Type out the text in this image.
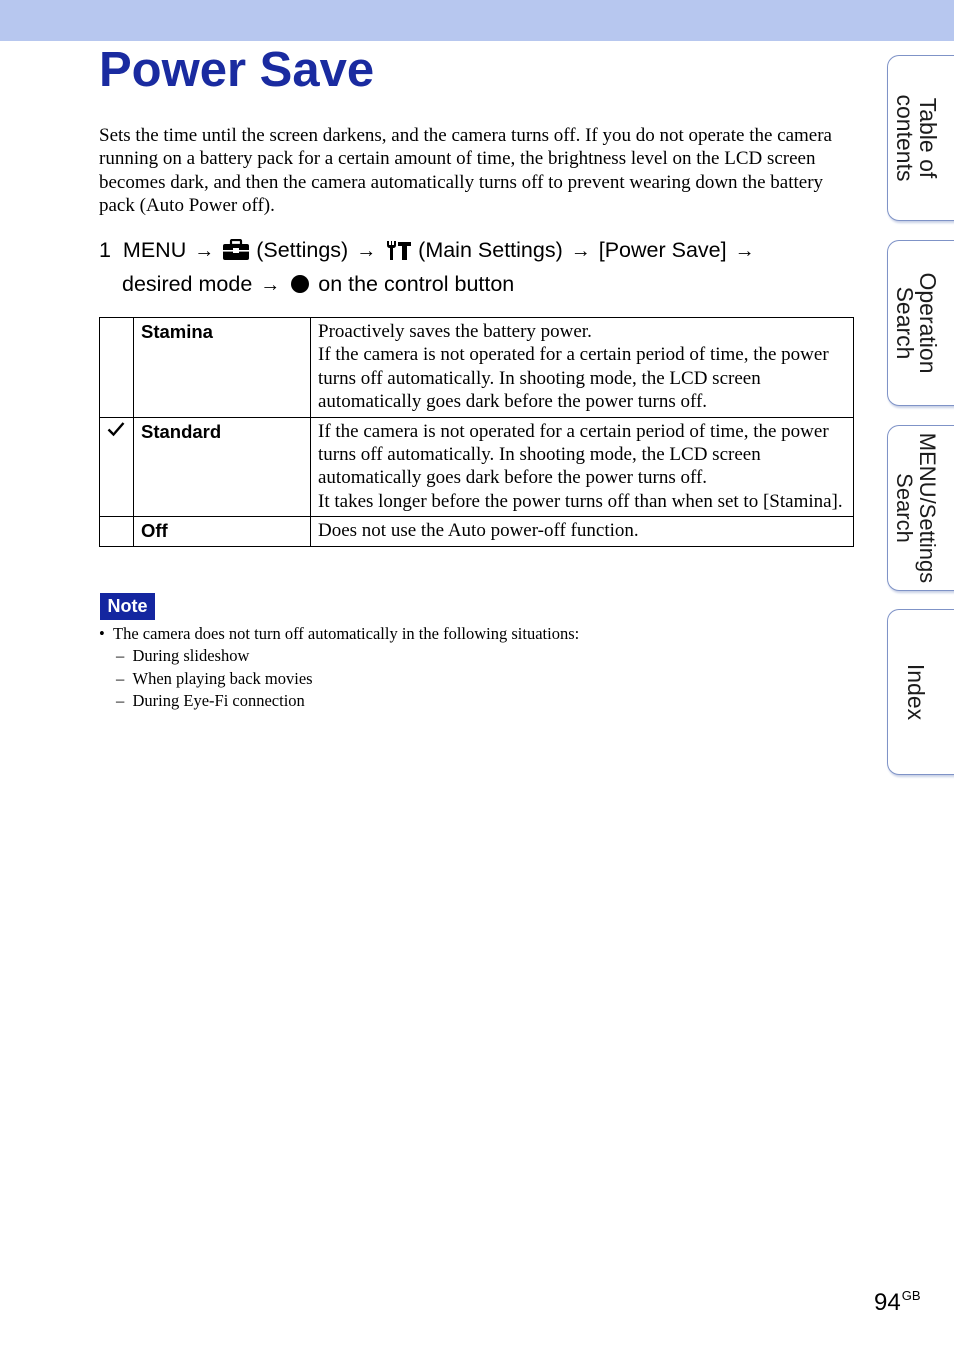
Power Save

Sets the time until the screen darkens, and the camera turns off. If you do not operate the camera running on a battery pack for a certain amount of time, the brightness level on the LCD screen becomes dark, and then the camera automatically turns off to prevent wearing down the battery pack (Auto Power off).

1 MENU → (Settings) → (Main Settings) → [Power Save] →
desired mode → on the control button
	Stamina	Proactively saves the battery power.
If the camera is not operated for a certain period of time, the power turns off automatically. In shooting mode, the LCD screen automatically goes dark before the power turns off.

	Standard	If the camera is not operated for a certain period of time, the power turns off automatically. In shooting mode, the LCD screen automatically goes dark before the power turns off.
It takes longer before the power turns off than when set to [Stamina].

	Off	Does not use the Auto power-off function.
Note
• The camera does not turn off automatically in the following situations:
– During slideshow
– When playing back movies
– During Eye-Fi connection
Table of
contents
Operation
Search
MENU/Settings
Search
Index
$94^{GB}$
